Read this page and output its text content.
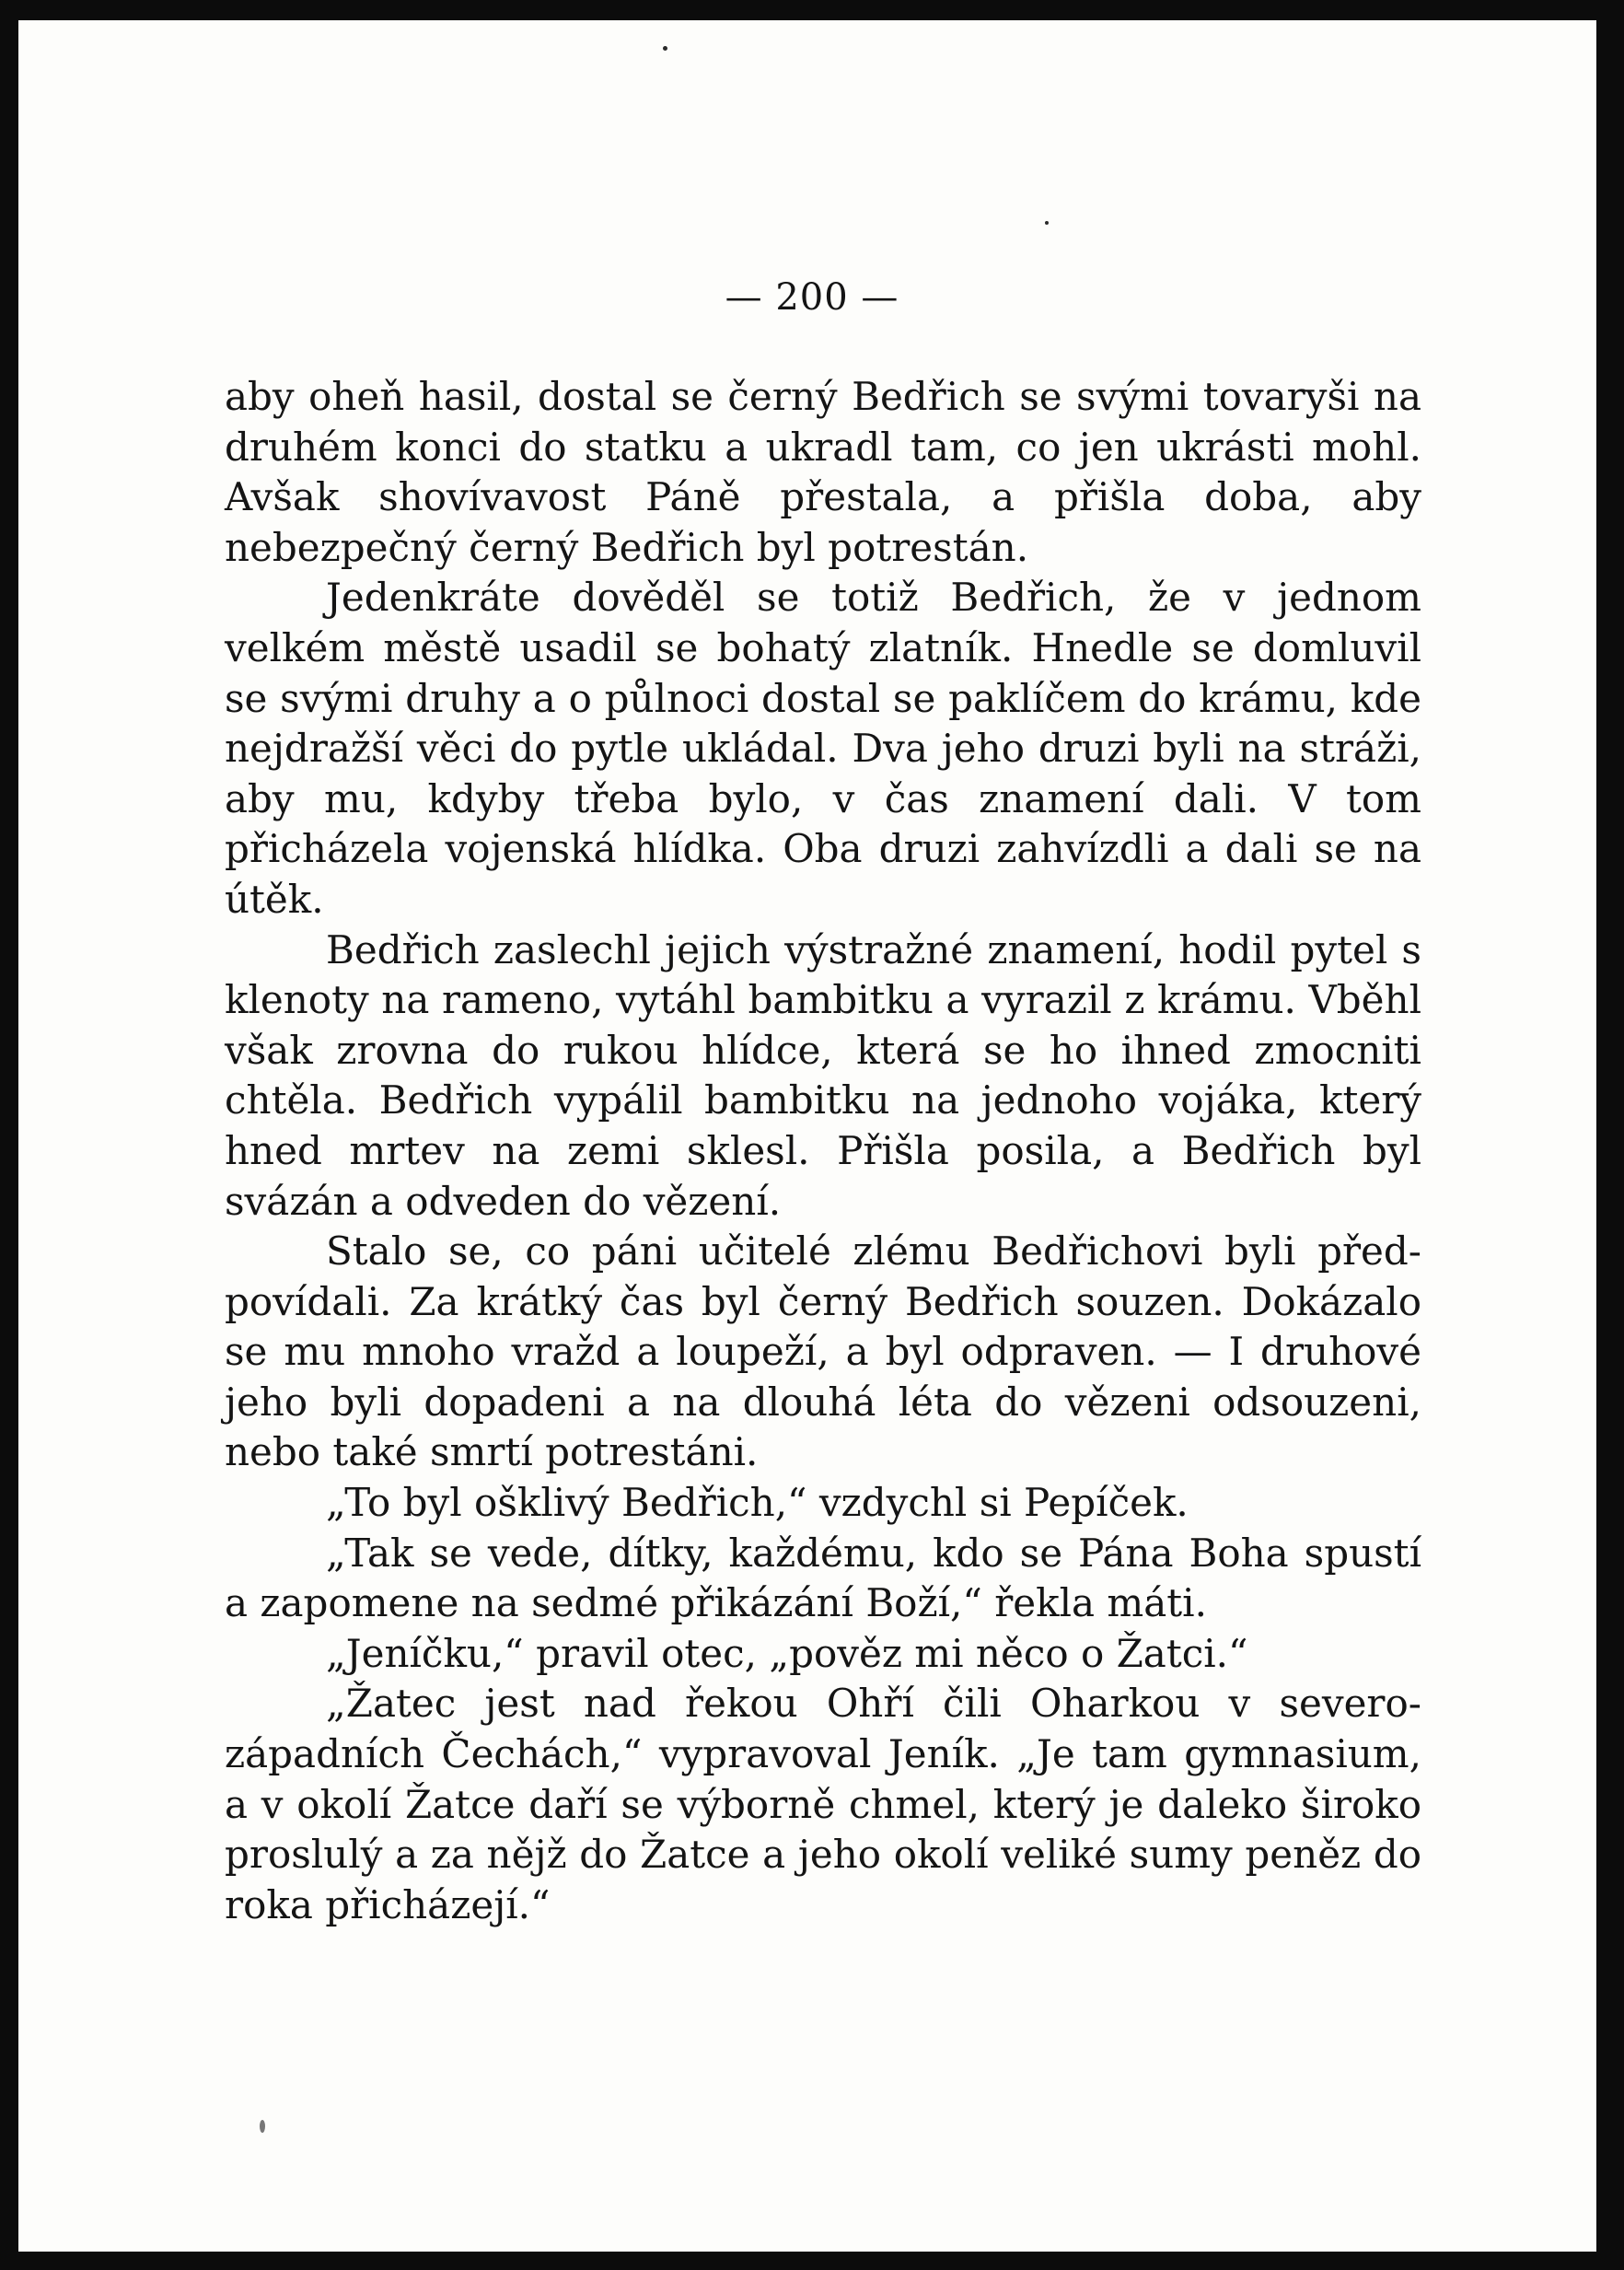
— 200 —

aby oheň hasil, dostal se černý Bedřich se svými tovaryši na druhém konci do statku a ukradl tam, co jen ukrásti mohl. Avšak shovívavost Páně přestala, a přišla doba, aby nebezpečný černý Bedřich byl potrestán.

Jedenkráte dověděl se totiž Bedřich, že v jednom velkém městě usadil se bohatý zlatník. Hnedle se domluvil se svými druhy a o půlnoci dostal se paklíčem do krámu, kde nejdražší věci do pytle ukládal. Dva jeho druzi byli na stráži, aby mu, kdyby třeba bylo, v čas znamení dali. V tom přicházela vojenská hlídka. Oba druzi zahvízdli a dali se na útěk.

Bedřich zaslechl jejich výstražné znamení, hodil pytel s klenoty na rameno, vytáhl bambitku a vyrazil z krámu. Vběhl však zrovna do rukou hlídce, která se ho ihned zmocniti chtěla. Bedřich vypálil bambitku na jednoho vojáka, který hned mrtev na zemi sklesl. Přišla posila, a Bedřich byl svázán a odveden do vězení.

Stalo se, co páni učitelé zlému Bedřichovi byli předpovídali. Za krátký čas byl černý Bedřich souzen. Dokázalo se mu mnoho vražd a loupeží, a byl odpraven. — I druhové jeho byli dopadeni a na dlouhá léta do vězeni odsouzeni, nebo také smrtí potrestáni.

„To byl ošklivý Bedřich,“ vzdychl si Pepíček.

„Tak se vede, dítky, každému, kdo se Pána Boha spustí a zapomene na sedmé přikázání Boží,“ řekla máti.

„Jeníčku,“ pravil otec, „pověz mi něco o Žatci.“

„Žatec jest nad řekou Ohří čili Oharkou v severozápadních Čechách,“ vypravoval Jeník. „Je tam gymnasium, a v okolí Žatce daří se výborně chmel, který je daleko široko proslulý a za nějž do Žatce a jeho okolí veliké sumy peněz do roka přicházejí.“
